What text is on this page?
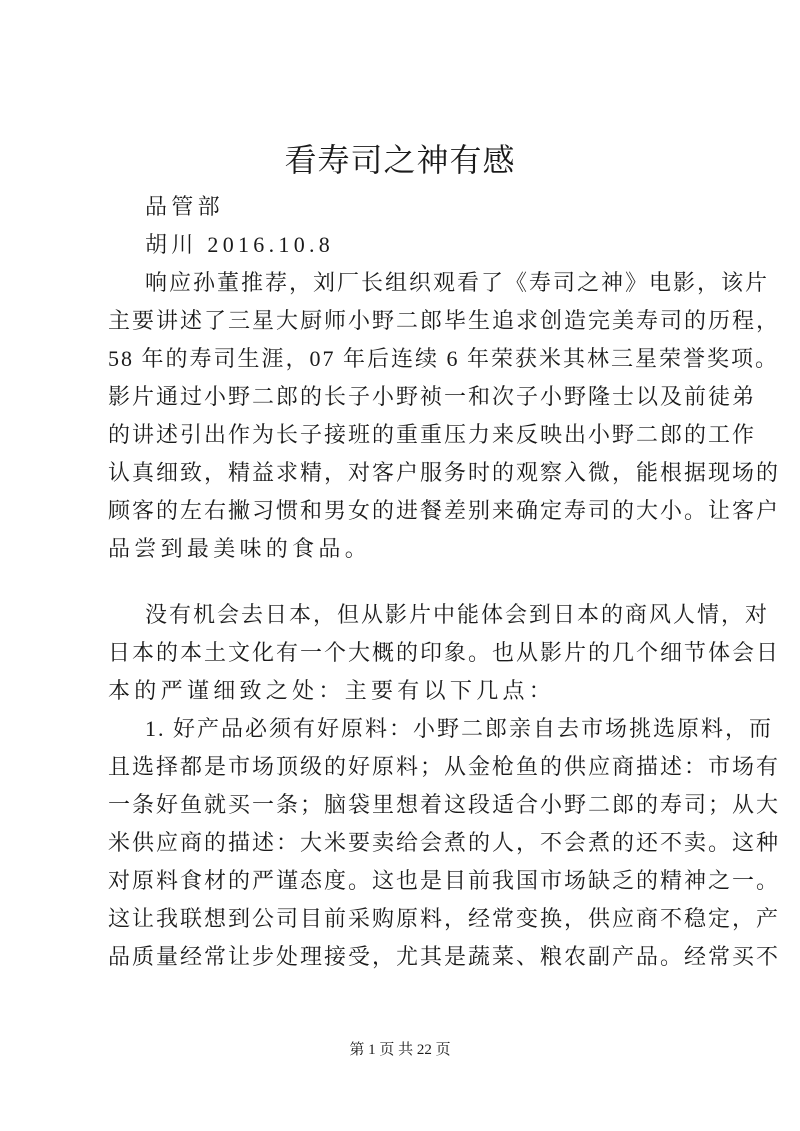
看寿司之神有感
品管部
胡川 2016.10.8
响应孙董推荐，刘厂长组织观看了《寿司之神》电影，该片
主要讲述了三星大厨师小野二郎毕生追求创造完美寿司的历程，
58 年的寿司生涯，07 年后连续 6 年荣获米其林三星荣誉奖项。
影片通过小野二郎的长子小野祯一和次子小野隆士以及前徒弟
的讲述引出作为长子接班的重重压力来反映出小野二郎的工作
认真细致，精益求精，对客户服务时的观察入微，能根据现场的
顾客的左右撇习惯和男女的进餐差别来确定寿司的大小。让客户
品尝到最美味的食品。
没有机会去日本，但从影片中能体会到日本的商风人情，对
日本的本土文化有一个大概的印象。也从影片的几个细节体会日
本的严谨细致之处：主要有以下几点：
1. 好产品必须有好原料：小野二郎亲自去市场挑选原料，而
且选择都是市场顶级的好原料；从金枪鱼的供应商描述：市场有
一条好鱼就买一条；脑袋里想着这段适合小野二郎的寿司；从大
米供应商的描述：大米要卖给会煮的人，不会煮的还不卖。这种
对原料食材的严谨态度。这也是目前我国市场缺乏的精神之一。
这让我联想到公司目前采购原料，经常变换，供应商不稳定，产
品质量经常让步处理接受，尤其是蔬菜、粮农副产品。经常买不
第 1 页 共 22 页
